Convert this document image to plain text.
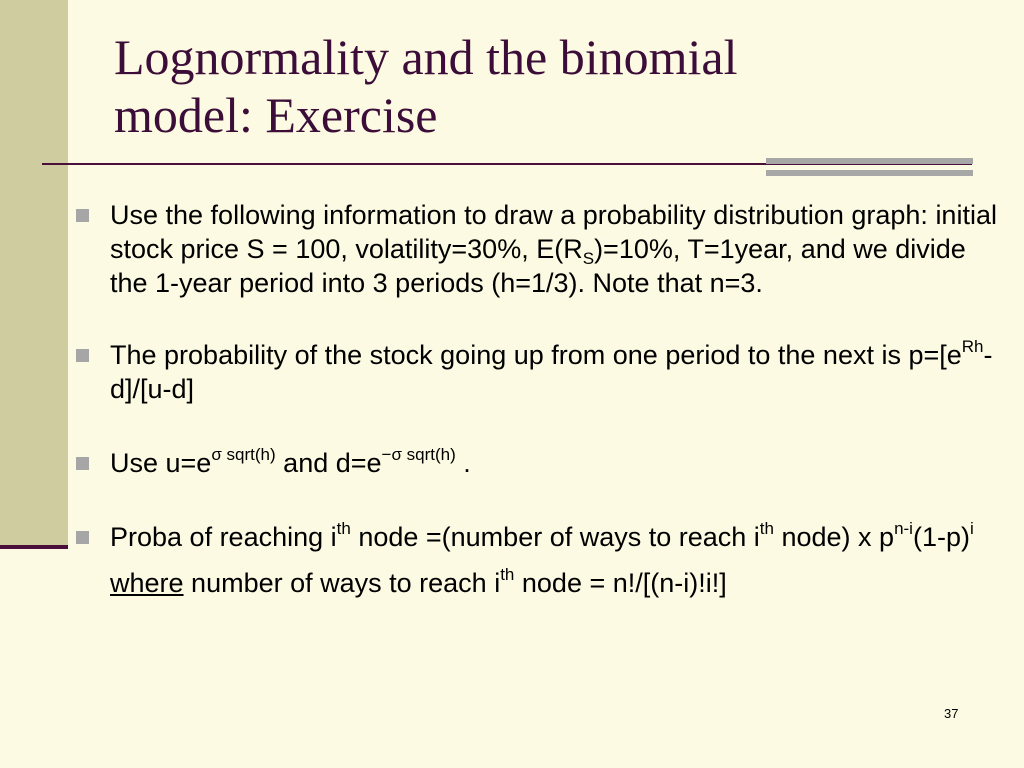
Lognormality and the binomial
model: Exercise
Use the following information to draw a probability distribution graph: initial stock price S = 100, volatility=30%, $E(R_S)=10\%$, T=1year, and we divide the 1-year period into 3 periods (h=1/3). Note that n=3.
The probability of the stock going up from one period to the next is $p=[e^{Rh}-d]/[u-d]$
Use $u=e^{\sigma sqrt(h)}$ and $d=e^{-\sigma sqrt(h)}$ .
Proba of reaching $i^{th}$ node =(number of ways to reach $i^{th}$ node) x $p^{n-i}(1-p)^i$
where number of ways to reach $i^{th}$ node = n!/[(n-i)!i!]
37
